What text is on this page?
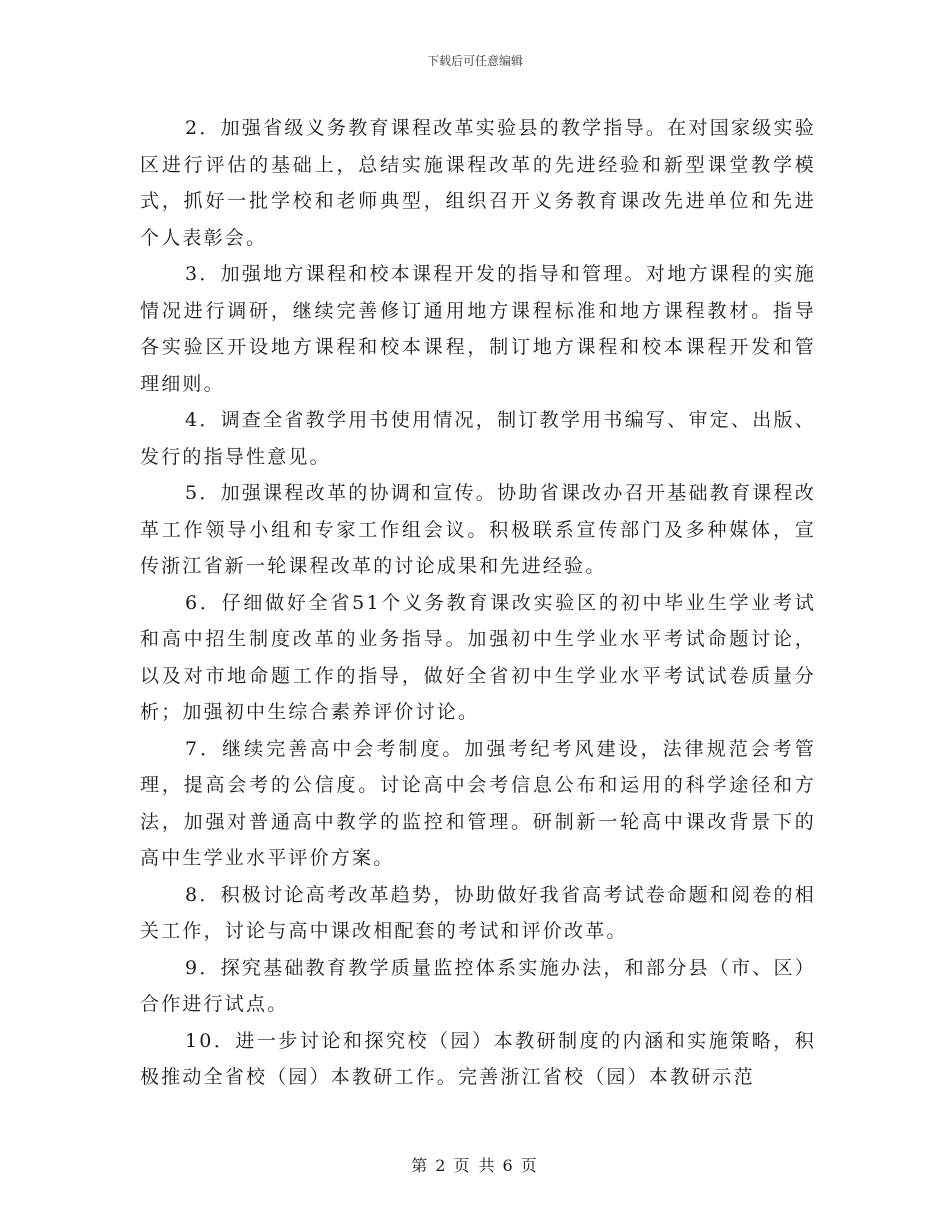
下载后可任意编辑

2．加强省级义务教育课程改革实验县的教学指导。在对国家级实验区进行评估的基础上，总结实施课程改革的先进经验和新型课堂教学模式，抓好一批学校和老师典型，组织召开义务教育课改先进单位和先进个人表彰会。

3．加强地方课程和校本课程开发的指导和管理。对地方课程的实施情况进行调研，继续完善修订通用地方课程标准和地方课程教材。指导各实验区开设地方课程和校本课程，制订地方课程和校本课程开发和管理细则。

4．调查全省教学用书使用情况，制订教学用书编写、审定、出版、发行的指导性意见。

5．加强课程改革的协调和宣传。协助省课改办召开基础教育课程改革工作领导小组和专家工作组会议。积极联系宣传部门及多种媒体，宣传浙江省新一轮课程改革的讨论成果和先进经验。

6．仔细做好全省51个义务教育课改实验区的初中毕业生学业考试和高中招生制度改革的业务指导。加强初中生学业水平考试命题讨论，以及对市地命题工作的指导，做好全省初中生学业水平考试试卷质量分析；加强初中生综合素养评价讨论。

7．继续完善高中会考制度。加强考纪考风建设，法律规范会考管理，提高会考的公信度。讨论高中会考信息公布和运用的科学途径和方法，加强对普通高中教学的监控和管理。研制新一轮高中课改背景下的高中生学业水平评价方案。

8．积极讨论高考改革趋势，协助做好我省高考试卷命题和阅卷的相关工作，讨论与高中课改相配套的考试和评价改革。

9．探究基础教育教学质量监控体系实施办法，和部分县（市、区）合作进行试点。

10．进一步讨论和探究校（园）本教研制度的内涵和实施策略，积极推动全省校（园）本教研工作。完善浙江省校（园）本教研示范

第 2 页 共 6 页
